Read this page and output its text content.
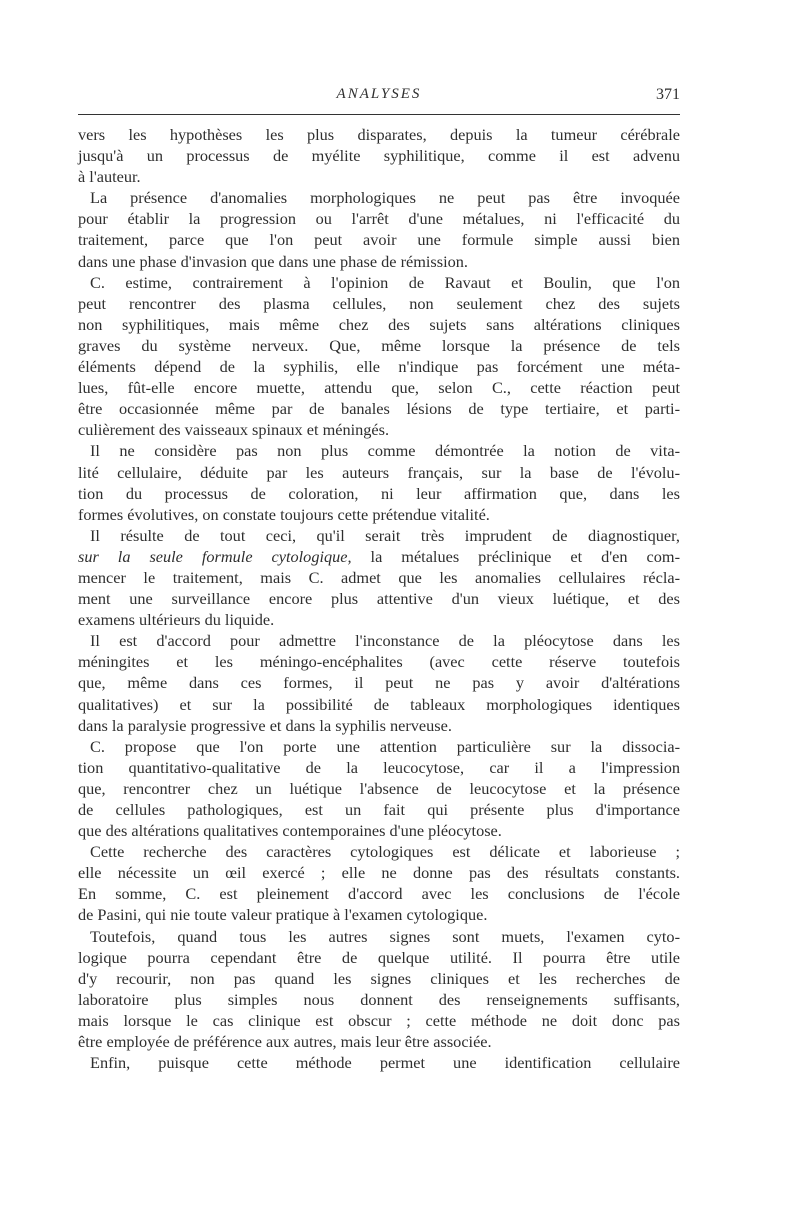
ANALYSES	371
vers les hypothèses les plus disparates, depuis la tumeur cérébrale
jusqu'à un processus de myélite syphilitique, comme il est advenu
à l'auteur.
La présence d'anomalies morphologiques ne peut pas être invoquée
pour établir la progression ou l'arrêt d'une métalues, ni l'efficacité du
traitement, parce que l'on peut avoir une formule simple aussi bien
dans une phase d'invasion que dans une phase de rémission.
C. estime, contrairement à l'opinion de Ravaut et Boulin, que l'on
peut rencontrer des plasma cellules, non seulement chez des sujets
non syphilitiques, mais même chez des sujets sans altérations cliniques
graves du système nerveux. Que, même lorsque la présence de tels
éléments dépend de la syphilis, elle n'indique pas forcément une méta-
lues, fût-elle encore muette, attendu que, selon C., cette réaction peut
être occasionnée même par de banales lésions de type tertiaire, et parti-
culièrement des vaisseaux spinaux et méningés.
Il ne considère pas non plus comme démontrée la notion de vita-
lité cellulaire, déduite par les auteurs français, sur la base de l'évolu-
tion du processus de coloration, ni leur affirmation que, dans les
formes évolutives, on constate toujours cette prétendue vitalité.
Il résulte de tout ceci, qu'il serait très imprudent de diagnostiquer,
sur la seule formule cytologique, la métalues préclinique et d'en com-
mencer le traitement, mais C. admet que les anomalies cellulaires récla-
ment une surveillance encore plus attentive d'un vieux luétique, et des
examens ultérieurs du liquide.
Il est d'accord pour admettre l'inconstance de la pléocytose dans les
méningites et les méningo-encéphalites (avec cette réserve toutefois
que, même dans ces formes, il peut ne pas y avoir d'altérations
qualitatives) et sur la possibilité de tableaux morphologiques identiques
dans la paralysie progressive et dans la syphilis nerveuse.
C. propose que l'on porte une attention particulière sur la dissocia-
tion quantitativo-qualitative de la leucocytose, car il a l'impression
que, rencontrer chez un luétique l'absence de leucocytose et la présence
de cellules pathologiques, est un fait qui présente plus d'importance
que des altérations qualitatives contemporaines d'une pléocytose.
Cette recherche des caractères cytologiques est délicate et laborieuse ;
elle nécessite un œil exercé ; elle ne donne pas des résultats constants.
En somme, C. est pleinement d'accord avec les conclusions de l'école
de Pasini, qui nie toute valeur pratique à l'examen cytologique.
Toutefois, quand tous les autres signes sont muets, l'examen cyto-
logique pourra cependant être de quelque utilité. Il pourra être utile
d'y recourir, non pas quand les signes cliniques et les recherches de
laboratoire plus simples nous donnent des renseignements suffisants,
mais lorsque le cas clinique est obscur ; cette méthode ne doit donc pas
être employée de préférence aux autres, mais leur être associée.
Enfin, puisque cette méthode permet une identification cellulaire
